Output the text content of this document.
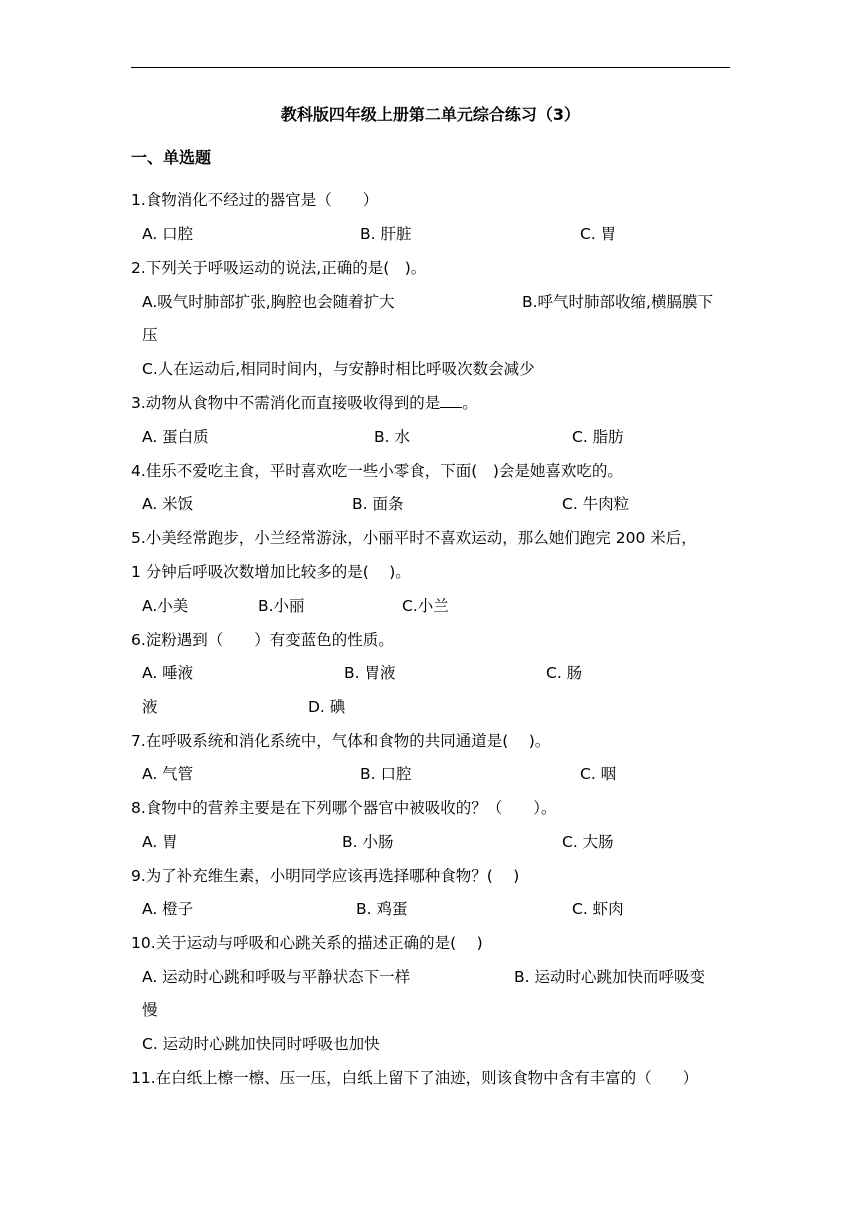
教科版四年级上册第二单元综合练习（3）
一、单选题
1.食物消化不经过的器官是（　　）
A. 口腔	B. 肝脏	C. 胃
2.下列关于呼吸运动的说法,正确的是(　)。
A.吸气时肺部扩张,胸腔也会随着扩大	B.呼气时肺部收缩,横膈膜下
压
C.人在运动后,相同时间内，与安静时相比呼吸次数会减少
3.动物从食物中不需消化而直接吸收得到的是 。
A. 蛋白质	B. 水	C. 脂肪
4.佳乐不爱吃主食，平时喜欢吃一些小零食，下面(　)会是她喜欢吃的。
A. 米饭	B. 面条	C. 牛肉粒
5.小美经常跑步，小兰经常游泳，小丽平时不喜欢运动，那么她们跑完 200 米后，
1 分钟后呼吸次数增加比较多的是(　 )。
A.小美	B.小丽	C.小兰
6.淀粉遇到（　　）有变蓝色的性质。
A. 唾液	B. 胃液	C. 肠
液	D. 碘
7.在呼吸系统和消化系统中，气体和食物的共同通道是(　 )。
A. 气管	B. 口腔	C. 咽
8.食物中的营养主要是在下列哪个器官中被吸收的？（　　）。
A. 胃	B. 小肠	C. 大肠
9.为了补充维生素，小明同学应该再选择哪种食物？(　 )
A. 橙子	B. 鸡蛋	C. 虾肉
10.关于运动与呼吸和心跳关系的描述正确的是(　 )
A. 运动时心跳和呼吸与平静状态下一样	B. 运动时心跳加快而呼吸变
慢
C. 运动时心跳加快同时呼吸也加快
11.在白纸上檫一檫、压一压，白纸上留下了油迹，则该食物中含有丰富的（　　）
